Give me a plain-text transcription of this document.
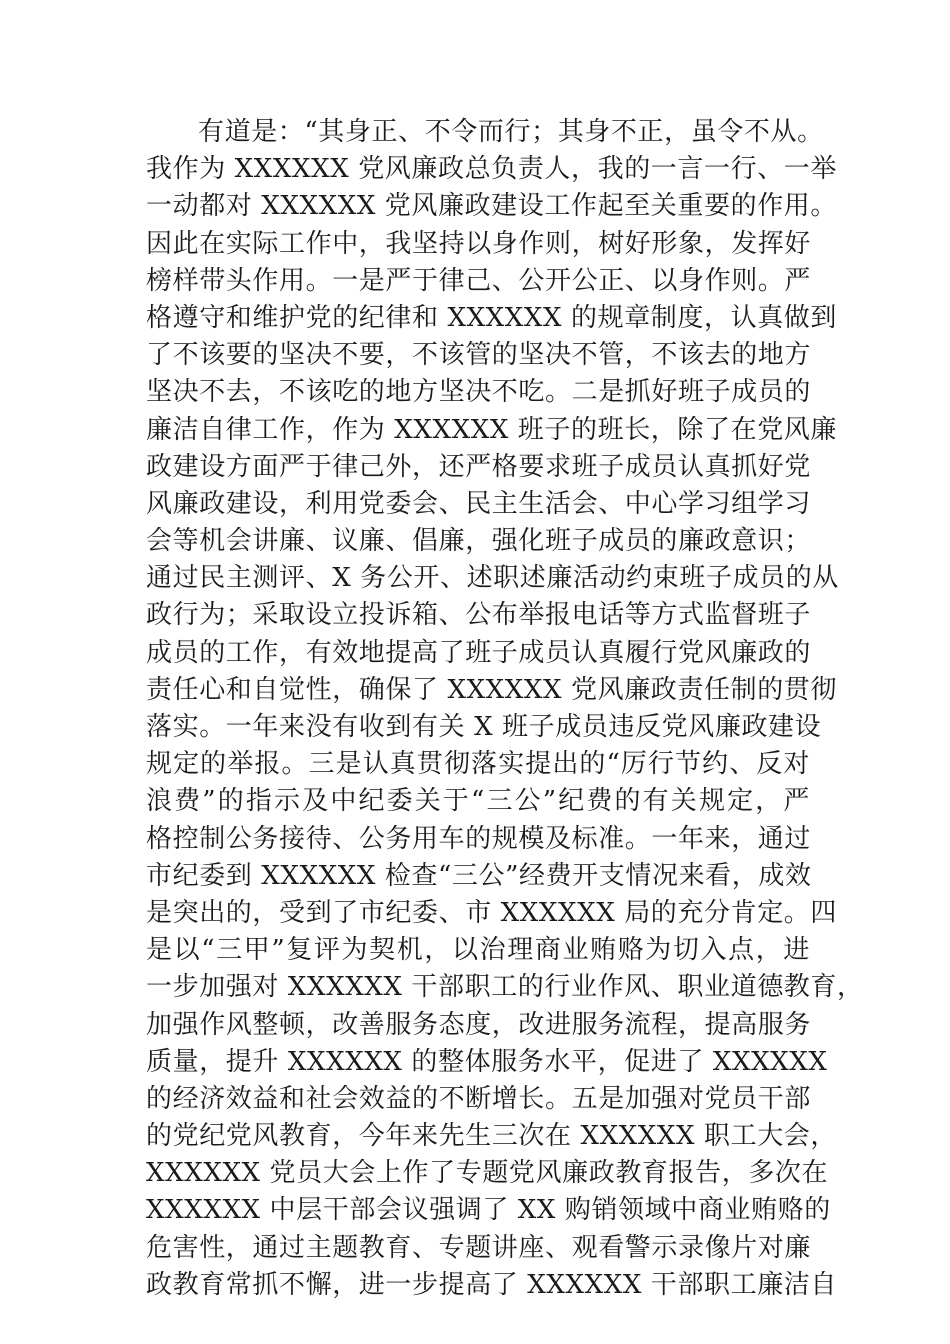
有道是：“其身正、不令而行；其身不正，虽令不从。
我作为 XXXXXX 党风廉政总负责人，我的一言一行、一举
一动都对 XXXXXX 党风廉政建设工作起至关重要的作用。
因此在实际工作中，我坚持以身作则，树好形象，发挥好
榜样带头作用。一是严于律己、公开公正、以身作则。严
格遵守和维护党的纪律和 XXXXXX 的规章制度，认真做到
了不该要的坚决不要，不该管的坚决不管，不该去的地方
坚决不去，不该吃的地方坚决不吃。二是抓好班子成员的
廉洁自律工作，作为 XXXXXX 班子的班长，除了在党风廉
政建设方面严于律己外，还严格要求班子成员认真抓好党
风廉政建设，利用党委会、民主生活会、中心学习组学习
会等机会讲廉、议廉、倡廉，强化班子成员的廉政意识；
通过民主测评、X 务公开、述职述廉活动约束班子成员的从
政行为；采取设立投诉箱、公布举报电话等方式监督班子
成员的工作，有效地提高了班子成员认真履行党风廉政的
责任心和自觉性，确保了 XXXXXX 党风廉政责任制的贯彻
落实。一年来没有收到有关 X 班子成员违反党风廉政建设
规定的举报。三是认真贯彻落实提出的“厉行节约、反对
浪费”的指示及中纪委关于“三公”纪费的有关规定，严
格控制公务接待、公务用车的规模及标准。一年来，通过
市纪委到 XXXXXX 检查“三公”经费开支情况来看，成效
是突出的，受到了市纪委、市 XXXXXX 局的充分肯定。四
是以“三甲”复评为契机，以治理商业贿赂为切入点，进
一步加强对 XXXXXX 干部职工的行业作风、职业道德教育，
加强作风整顿，改善服务态度，改进服务流程，提高服务
质量，提升 XXXXXX 的整体服务水平，促进了 XXXXXX
的经济效益和社会效益的不断增长。五是加强对党员干部
的党纪党风教育，今年来先生三次在 XXXXXX 职工大会，
XXXXXX 党员大会上作了专题党风廉政教育报告，多次在
XXXXXX 中层干部会议强调了 XX 购销领域中商业贿赂的
危害性，通过主题教育、专题讲座、观看警示录像片对廉
政教育常抓不懈，进一步提高了 XXXXXX 干部职工廉洁自
